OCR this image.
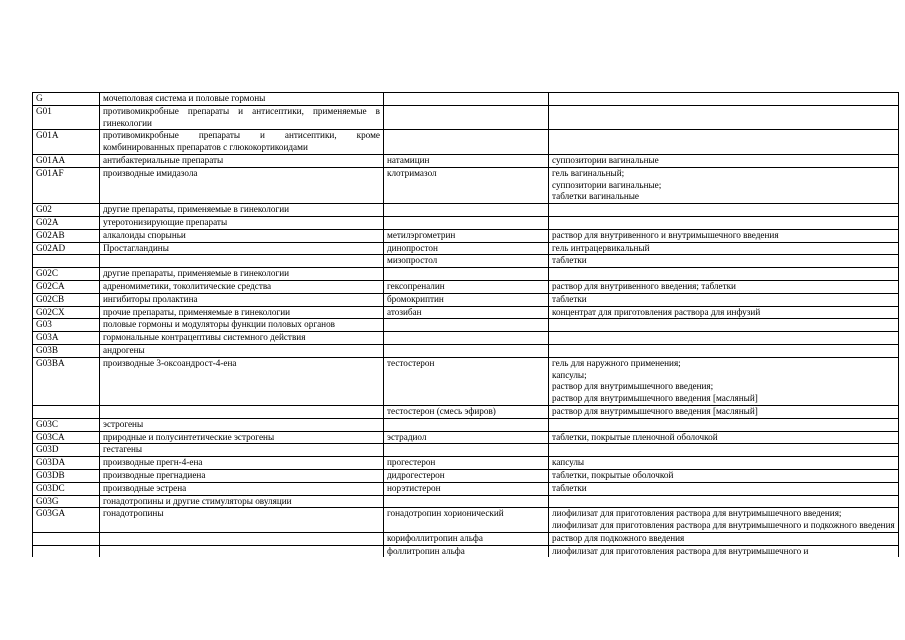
G	мочеполовая система и половые гормоны		
G01	противомикробные препараты и антисептики, применяемые в гинекологии		
G01A	противомикробные препараты и антисептики, кроме комбинированных препаратов с глюкокортикоидами		
G01AA	антибактериальные препараты	натамицин	суппозитории вагинальные

G01AF	производные имидазола	клотримазол	гель вагинальный;
суппозитории вагинальные;
таблетки вагинальные

G02	другие препараты, применяемые в гинекологии		
G02A	утеротонизирующие препараты		
G02AB	алкалоиды спорыньи	метилэргометрин	раствор для внутривенного и внутримышечного введения

G02AD	Простагландины	динопростон	гель интрацервикальный

		мизопростол	таблетки

G02C	другие препараты, применяемые в гинекологии		
G02CA	адреномиметики, токолитические средства	гексопреналин	раствор для внутривенного введения; таблетки

G02CB	ингибиторы пролактина	бромокриптин	таблетки

G02CX	прочие препараты, применяемые в гинекологии	атозибан	концентрат для приготовления раствора для инфузий

G03	половые гормоны и модуляторы функции половых органов		
G03A	гормональные контрацептивы системного действия		
G03B	андрогены		
G03BA	производные 3-оксоандрост-4-ена	тестостерон	гель для наружного применения;
капсулы;
раствор для внутримышечного введения;
раствор для внутримышечного введения [масляный]

		тестостерон (смесь эфиров)	раствор для внутримышечного введения [масляный]

G03C	эстрогены		
G03CA	природные и полусинтетические эстрогены	эстрадиол	таблетки, покрытые пленочной оболочкой

G03D	гестагены		
G03DA	производные прегн-4-ена	прогестерон	капсулы

G03DB	производные прегнадиена	дидрогестерон	таблетки, покрытые оболочкой

G03DC	производные эстрена	норэтистерон	таблетки

G03G	гонадотропины и другие стимуляторы овуляции		
G03GA	гонадотропины	гонадотропин хорионический	лиофилизат для приготовления раствора для внутримышечного введения;
лиофилизат для приготовления раствора для внутримышечного и подкожного введения

		корифоллитропин альфа	раствор для подкожного введения

		фоллитропин альфа	лиофилизат для приготовления раствора для внутримышечного и
